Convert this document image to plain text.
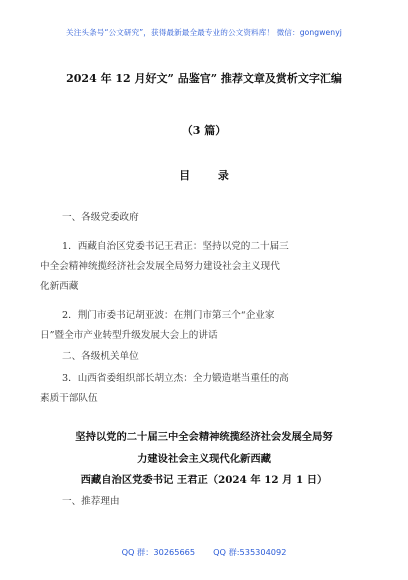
关注头条号“公文研究”，获得最新最全最专业的公文资料库！ 微信：gongwenyj
2024 年 12 月好文” 品鉴官” 推荐文章及赏析文字汇编
（3 篇）
目 录
一、各级党委政府
1．西藏自治区党委书记王君正：坚持以党的二十届三
中全会精神统揽经济社会发展全局努力建设社会主义现代
化新西藏
2．荆门市委书记胡亚波：在荆门市第三个“企业家
日”暨全市产业转型升级发展大会上的讲话
二、各级机关单位
3．山西省委组织部长胡立杰：全力锻造堪当重任的高
素质干部队伍
坚持以党的二十届三中全会精神统揽经济社会发展全局努
力建设社会主义现代化新西藏
西藏自治区党委书记 王君正（2024 年 12 月 1 日）
一、推荐理由
QQ 群：30265665 QQ 群:535304092
